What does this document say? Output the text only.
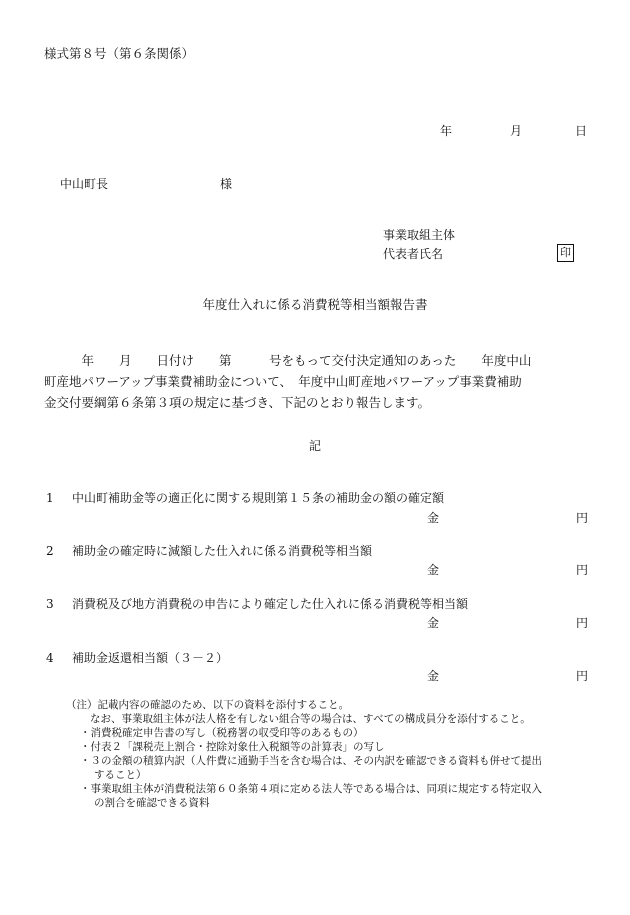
様式第８号（第６条関係）
年	月	日
中山町長	様
事業取組主体
代表者氏名	印
年度仕入れに係る消費税等相当額報告書
　　　年　　月　　日付け　　第　　　号をもって交付決定通知のあった　　年度中山
町産地パワーアップ事業費補助金について、　年度中山町産地パワーアップ事業費補助
金交付要綱第６条第３項の規定に基づき、下記のとおり報告します。
記
1 中山町補助金等の適正化に関する規則第１５条の補助金の額の確定額
金	円
2 補助金の確定時に減額した仕入れに係る消費税等相当額
金	円
3 消費税及び地方消費税の申告により確定した仕入れに係る消費税等相当額
金	円
4 補助金返還相当額（３－２）
金	円
（注）記載内容の確認のため、以下の資料を添付すること。
なお、事業取組主体が法人格を有しない組合等の場合は、すべての構成員分を添付すること。
・消費税確定申告書の写し（税務署の収受印等のあるもの）
・付表２「課税売上割合・控除対象仕入税額等の計算表」の写し
・３の金額の積算内訳（人件費に通勤手当を含む場合は、その内訳を確認できる資料も併せて提出
すること）
・事業取組主体が消費税法第６０条第４項に定める法人等である場合は、同項に規定する特定収入
の割合を確認できる資料
